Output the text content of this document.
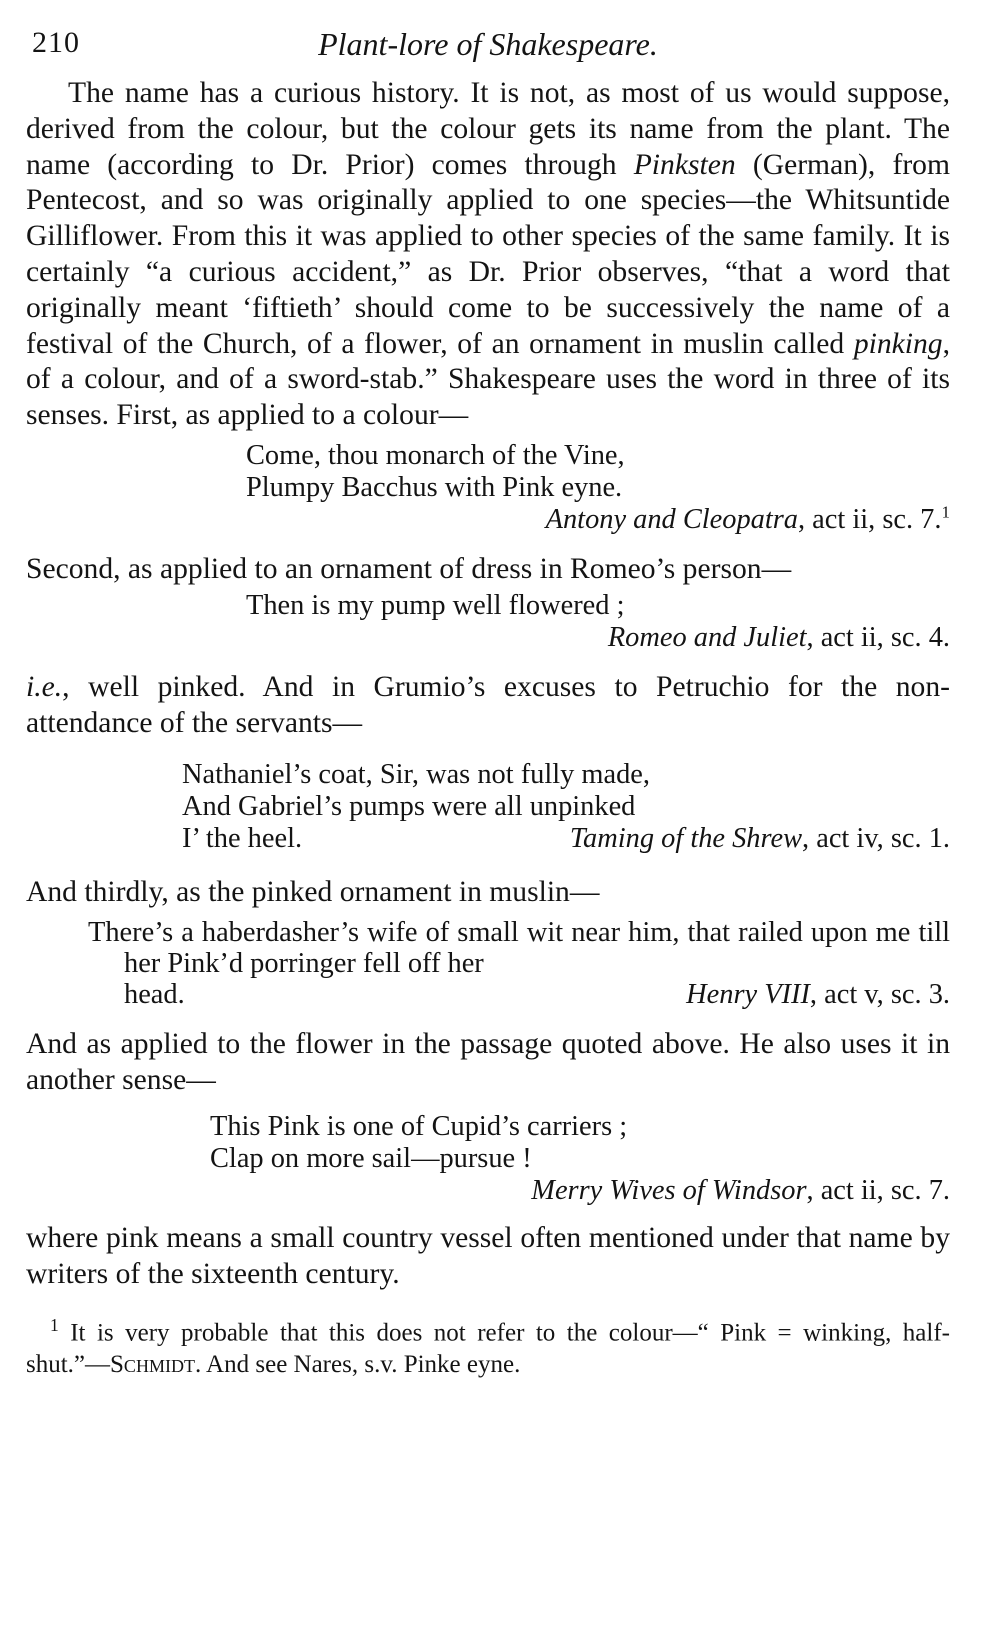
210	Plant-lore of Shakespeare.

The name has a curious history. It is not, as most of us would suppose, derived from the colour, but the colour gets its name from the plant. The name (according to Dr. Prior) comes through Pinksten (German), from Pentecost, and so was originally applied to one species—the Whitsuntide Gilliflower. From this it was applied to other species of the same family. It is certainly “a curious accident,” as Dr. Prior observes, “that a word that originally meant ‘fiftieth’ should come to be successively the name of a festival of the Church, of a flower, of an ornament in muslin called pinking, of a colour, and of a sword-stab.” Shakespeare uses the word in three of its senses. First, as applied to a colour—

Come, thou monarch of the Vine,
Plumpy Bacchus with Pink eyne.
Antony and Cleopatra, act ii, sc. 7.$^1$

Second, as applied to an ornament of dress in Romeo’s person—

Then is my pump well flowered ;
Romeo and Juliet, act ii, sc. 4.

i.e., well pinked. And in Grumio’s excuses to Petruchio for the non-attendance of the servants—

Nathaniel’s coat, Sir, was not fully made,
And Gabriel’s pumps were all unpinked
I’ the heel.	Taming of the Shrew, act iv, sc. 1.

And thirdly, as the pinked ornament in muslin—

There’s a haberdasher’s wife of small wit near him, that railed upon me till her Pink’d porringer fell off her
head.	Henry VIII, act v, sc. 3.

And as applied to the flower in the passage quoted above. He also uses it in another sense—

This Pink is one of Cupid’s carriers ;
Clap on more sail—pursue !
Merry Wives of Windsor, act ii, sc. 7.

where pink means a small country vessel often mentioned under that name by writers of the sixteenth century.

$^1$ It is very probable that this does not refer to the colour—“ Pink = winking, half-shut.”—Schmidt. And see Nares, s.v. Pinke eyne.
